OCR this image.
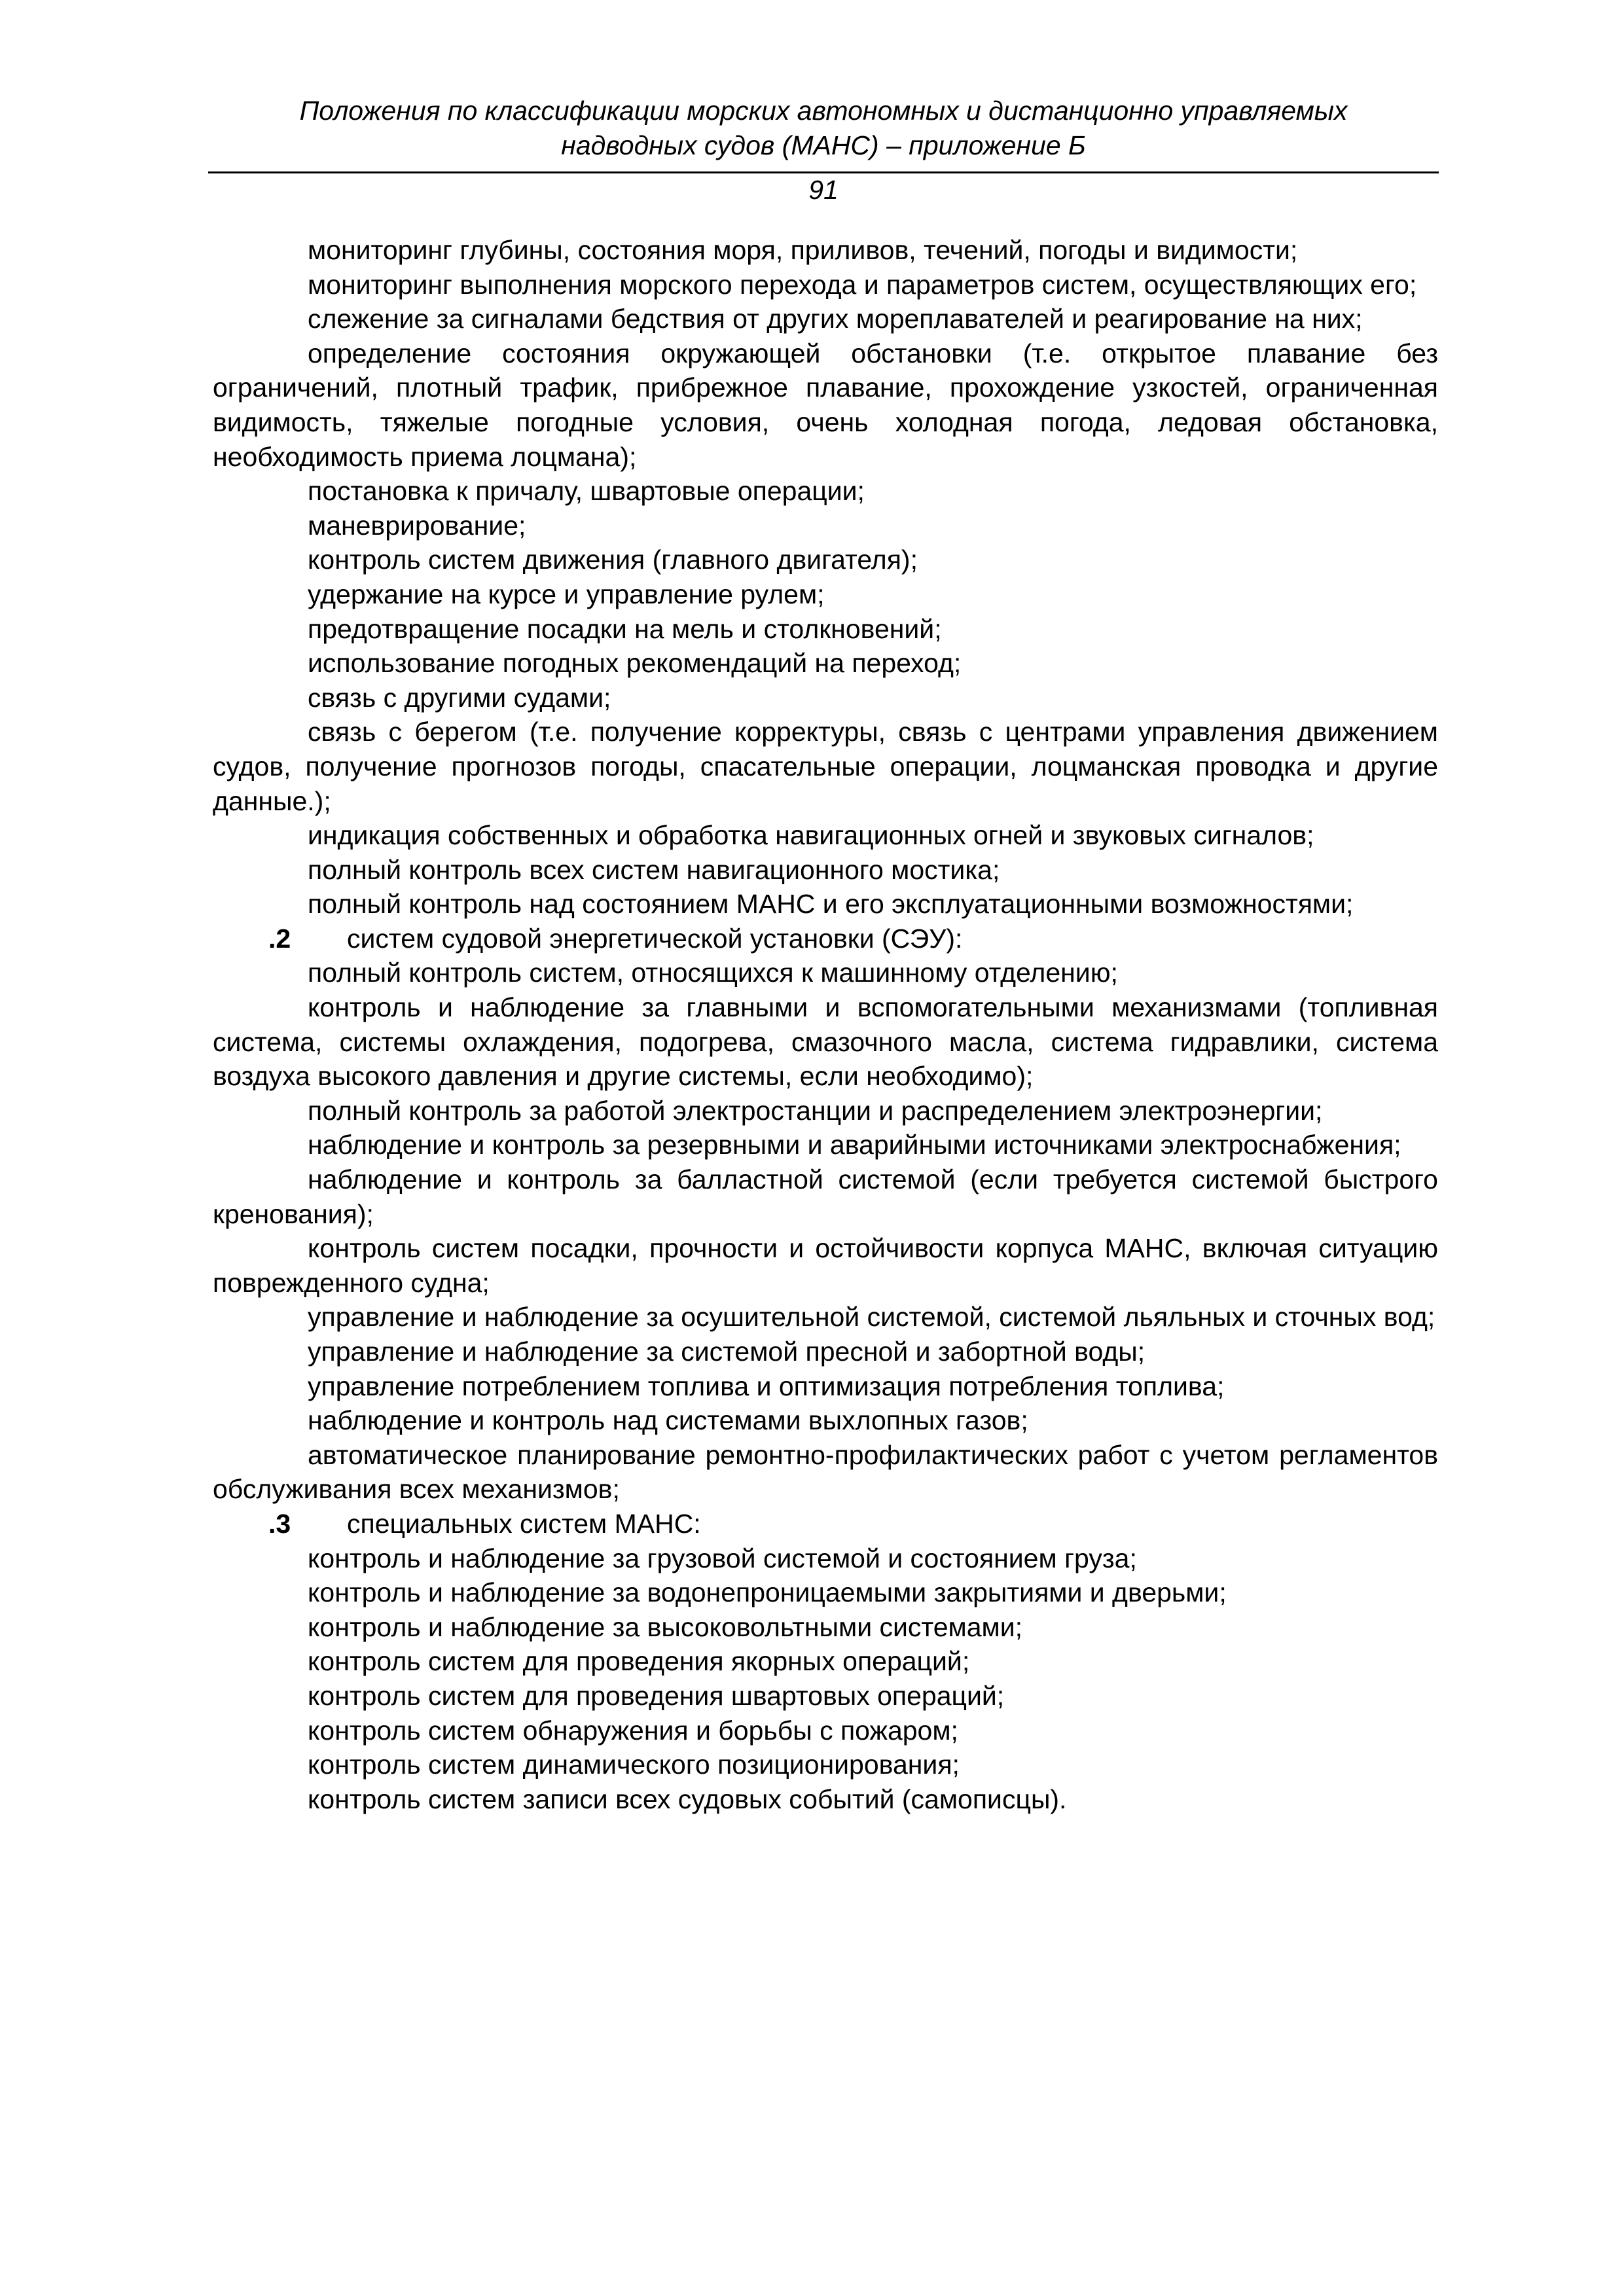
Положения по классификации морских автономных и дистанционно управляемых
надводных судов (МАНС) – приложение Б
91

мониторинг глубины, состояния моря, приливов, течений, погоды и видимости;

мониторинг выполнения морского перехода и параметров систем, осуществляющих его;

слежение за сигналами бедствия от других мореплавателей и реагирование на них;

определение состояния окружающей обстановки (т.е. открытое плавание без ограничений, плотный трафик, прибрежное плавание, прохождение узкостей, ограниченная видимость, тяжелые погодные условия, очень холодная погода, ледовая обстановка, необходимость приема лоцмана);

постановка к причалу, швартовые операции;

маневрирование;

контроль систем движения (главного двигателя);

удержание на курсе и управление рулем;

предотвращение посадки на мель и столкновений;

использование погодных рекомендаций на переход;

связь с другими судами;

связь с берегом (т.е. получение корректуры, связь с центрами управления движением судов, получение прогнозов погоды, спасательные операции, лоцманская проводка и другие данные.);

индикация собственных и обработка навигационных огней и звуковых сигналов;

полный контроль всех систем навигационного мостика;

полный контроль над состоянием МАНС и его эксплуатационными возможностями;

.2 систем судовой энергетической установки (СЭУ):

полный контроль систем, относящихся к машинному отделению;

контроль и наблюдение за главными и вспомогательными механизмами (топливная система, системы охлаждения, подогрева, смазочного масла, система гидравлики, система воздуха высокого давления и другие системы, если необходимо);

полный контроль за работой электростанции и распределением электроэнергии;

наблюдение и контроль за резервными и аварийными источниками электроснабжения;

наблюдение и контроль за балластной системой (если требуется системой быстрого кренования);

контроль систем посадки, прочности и остойчивости корпуса МАНС, включая ситуацию поврежденного судна;

управление и наблюдение за осушительной системой, системой льяльных и сточных вод;

управление и наблюдение за системой пресной и забортной воды;

управление потреблением топлива и оптимизация потребления топлива;

наблюдение и контроль над системами выхлопных газов;

автоматическое планирование ремонтно-профилактических работ с учетом регламентов обслуживания всех механизмов;

.3 специальных систем МАНС:

контроль и наблюдение за грузовой системой и состоянием груза;

контроль и наблюдение за водонепроницаемыми закрытиями и дверьми;

контроль и наблюдение за высоковольтными системами;

контроль систем для проведения якорных операций;

контроль систем для проведения швартовых операций;

контроль систем обнаружения и борьбы с пожаром;

контроль систем динамического позиционирования;

контроль систем записи всех судовых событий (самописцы).
